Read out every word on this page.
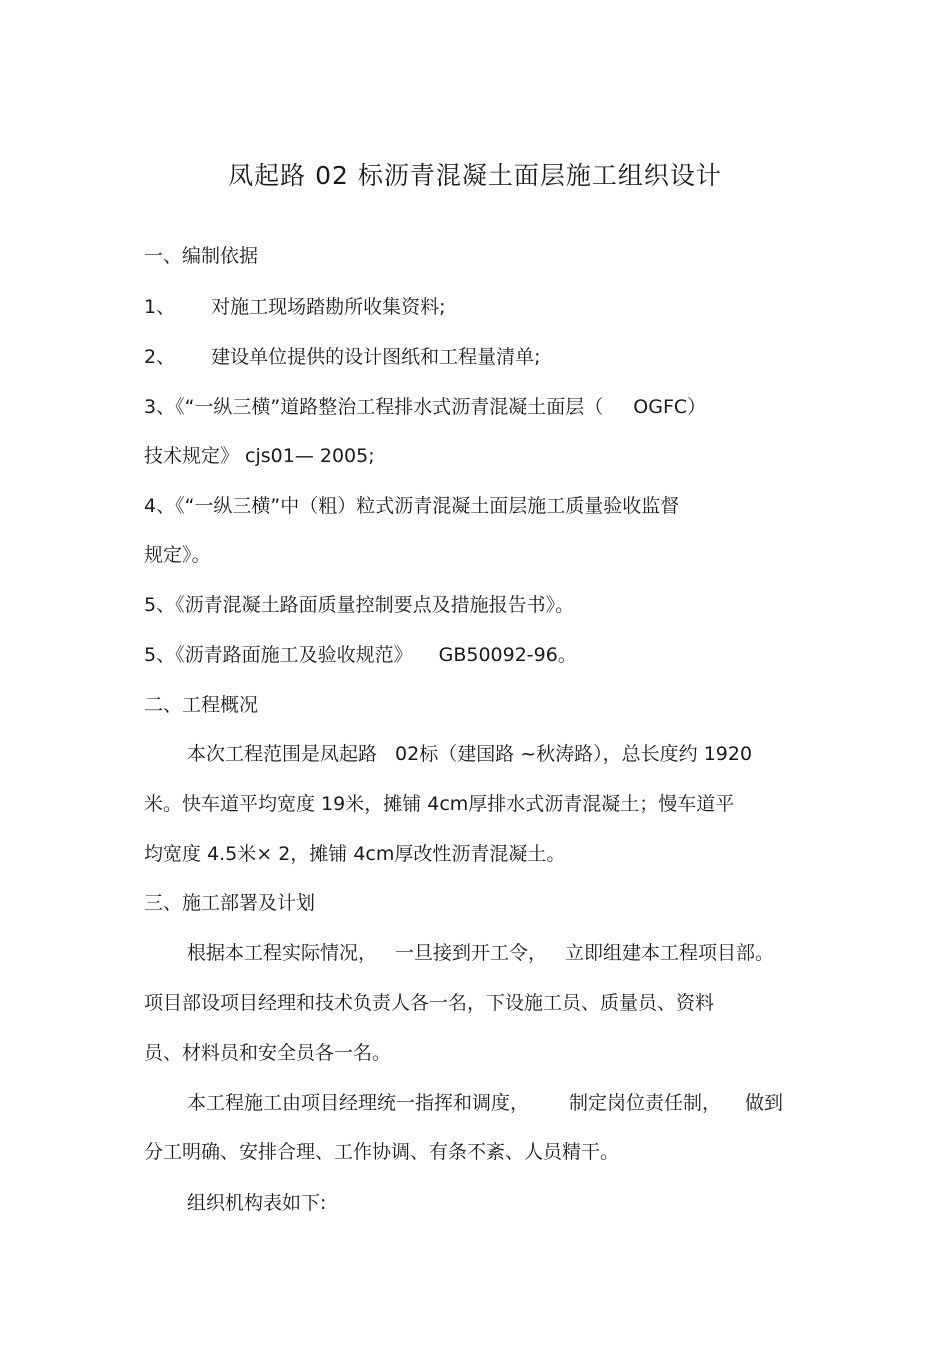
凤起路 02 标沥青混凝土面层施工组织设计
一、编制依据
1、 对施工现场踏勘所收集资料;
2、 建设单位提供的设计图纸和工程量清单;
3、《“一纵三横”道路整治工程排水式沥青混凝土面层（ OGFC）
技术规定》 cjs01— 2005;
4、《“一纵三横”中（粗）粒式沥青混凝土面层施工质量验收监督
规定》。
5、《沥青混凝土路面质量控制要点及措施报告书》。
5、《沥青路面施工及验收规范》 GB50092-96。
二、工程概况
本次工程范围是凤起路 02标（建国路 ~秋涛路），总长度约 1920
米。快车道平均宽度 19米，摊铺 4cm厚排水式沥青混凝土；慢车道平
均宽度 4.5米× 2，摊铺 4cm厚改性沥青混凝土。
三、施工部署及计划
根据本工程实际情况， 一旦接到开工令， 立即组建本工程项目部。
项目部设项目经理和技术负责人各一名，下设施工员、质量员、资料
员、材料员和安全员各一名。
本工程施工由项目经理统一指挥和调度， 制定岗位责任制， 做到
分工明确、安排合理、工作协调、有条不紊、人员精干。
组织机构表如下:
